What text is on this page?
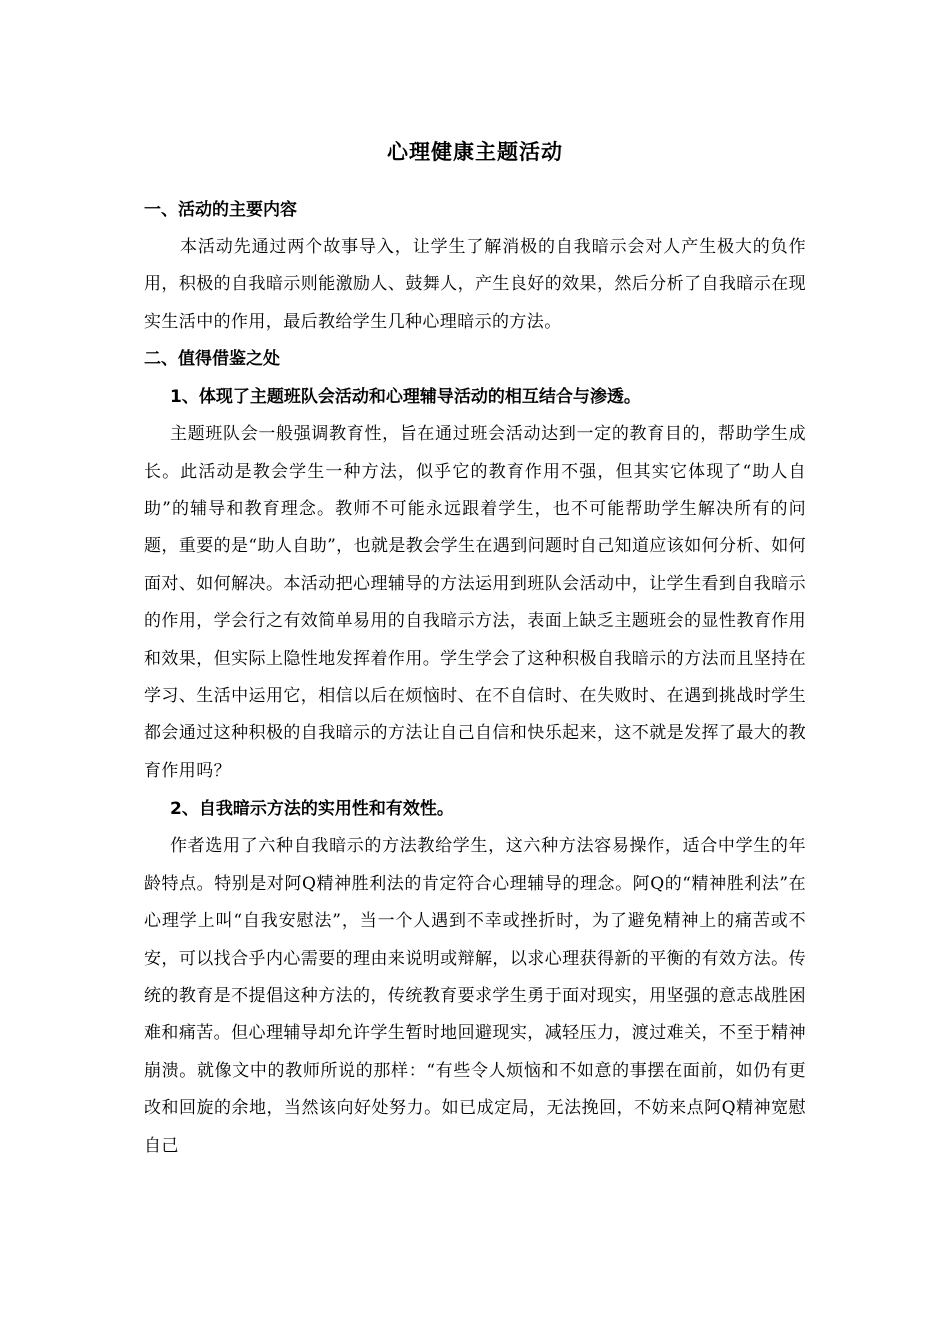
心理健康主题活动
一、活动的主要内容

本活动先通过两个故事导入，让学生了解消极的自我暗示会对人产生极大的负作用，积极的自我暗示则能激励人、鼓舞人，产生良好的效果，然后分析了自我暗示在现实生活中的作用，最后教给学生几种心理暗示的方法。

二、值得借鉴之处
1、体现了主题班队会活动和心理辅导活动的相互结合与渗透。

主题班队会一般强调教育性，旨在通过班会活动达到一定的教育目的，帮助学生成长。此活动是教会学生一种方法，似乎它的教育作用不强，但其实它体现了“助人自助”的辅导和教育理念。教师不可能永远跟着学生，也不可能帮助学生解决所有的问题，重要的是“助人自助”，也就是教会学生在遇到问题时自己知道应该如何分析、如何面对、如何解决。本活动把心理辅导的方法运用到班队会活动中，让学生看到自我暗示的作用，学会行之有效简单易用的自我暗示方法，表面上缺乏主题班会的显性教育作用和效果，但实际上隐性地发挥着作用。学生学会了这种积极自我暗示的方法而且坚持在学习、生活中运用它，相信以后在烦恼时、在不自信时、在失败时、在遇到挑战时学生都会通过这种积极的自我暗示的方法让自己自信和快乐起来，这不就是发挥了最大的教育作用吗？

2、自我暗示方法的实用性和有效性。

作者选用了六种自我暗示的方法教给学生，这六种方法容易操作，适合中学生的年龄特点。特别是对阿Q精神胜利法的肯定符合心理辅导的理念。阿Q的“精神胜利法”在心理学上叫“自我安慰法”，当一个人遇到不幸或挫折时，为了避免精神上的痛苦或不安，可以找合乎内心需要的理由来说明或辩解，以求心理获得新的平衡的有效方法。传统的教育是不提倡这种方法的，传统教育要求学生勇于面对现实，用坚强的意志战胜困难和痛苦。但心理辅导却允许学生暂时地回避现实，减轻压力，渡过难关，不至于精神崩溃。就像文中的教师所说的那样：“有些令人烦恼和不如意的事摆在面前，如仍有更改和回旋的余地，当然该向好处努力。如已成定局，无法挽回，不妨来点阿Q精神宽慰自己
